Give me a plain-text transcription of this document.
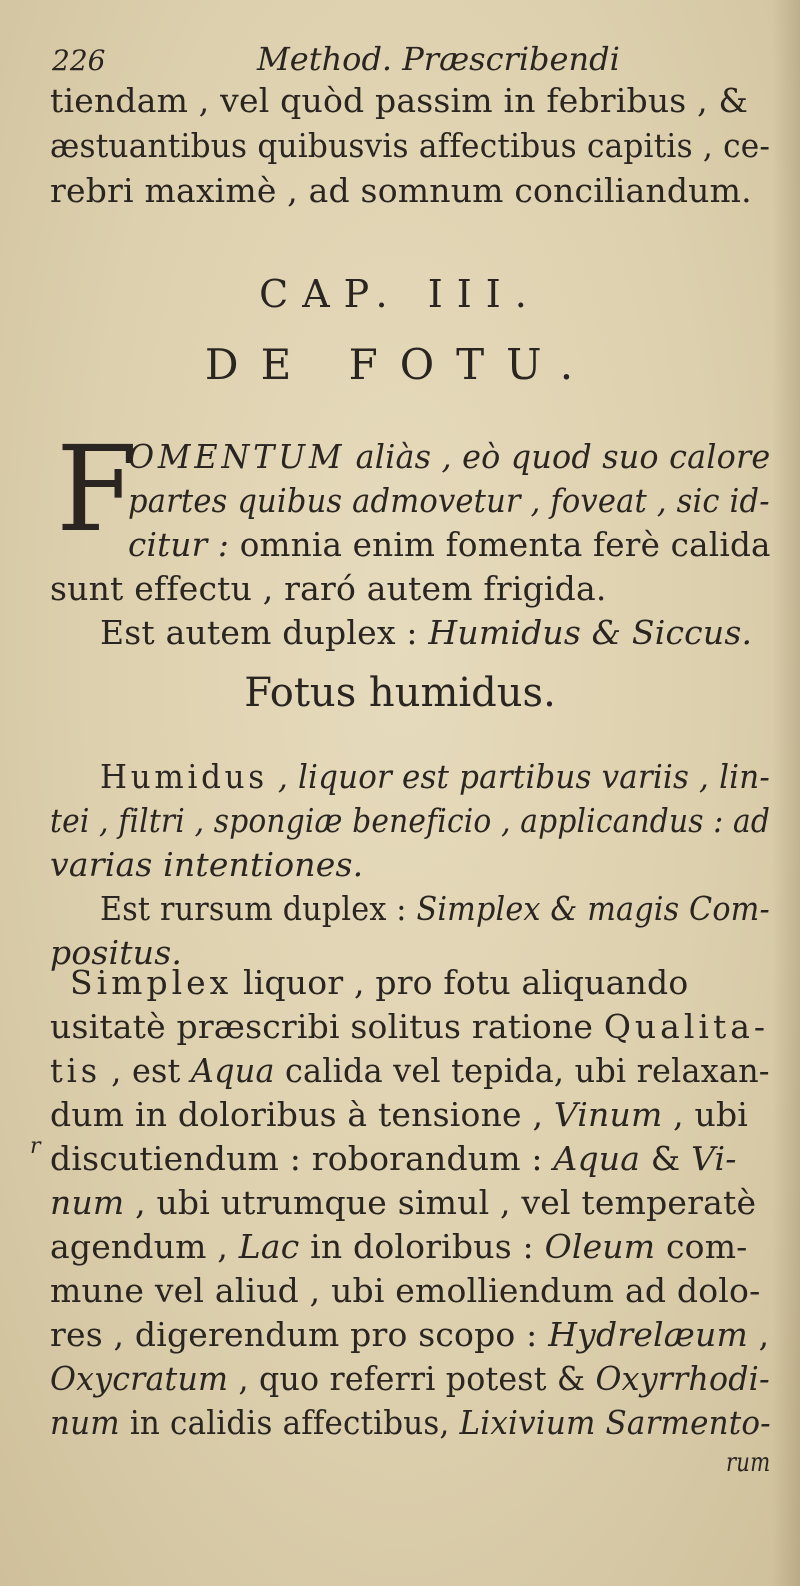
226	Method. Præscribendi
tiendam , vel quòd passim in febribus , &
æstuantibus quibusvis affectibus capitis , ce-
rebri maximè , ad somnum conciliandum.
CAP. III.
DE FOTU.
F
OMENTUM aliàs , eò quod suo calore
partes quibus admovetur , foveat , sic id-
citur : omnia enim fomenta ferè calida
sunt effectu , raró autem frigida.
Est autem duplex : Humidus & Siccus.
Fotus humidus.
Humidus , liquor est partibus variis , lin-
tei , filtri , spongiæ beneficio , applicandus : ad
varias intentiones.
Est rursum duplex : Simplex & magis Com-
positus.
Simplex liquor , pro fotu aliquando
usitatè præscribi solitus ratione Qualita-
tis , est Aqua calida vel tepida, ubi relaxan-
dum in doloribus à tensione , Vinum , ubi
discutiendum : roborandum : Aqua & Vi-
num , ubi utrumque simul , vel temperatè
agendum , Lac in doloribus : Oleum com-
mune vel aliud , ubi emolliendum ad dolo-
res , digerendum pro scopo : Hydrelæum ,
Oxycratum , quo referri potest & Oxyrrhodi-
num in calidis affectibus, Lixivium Sarmento-
rum
r
